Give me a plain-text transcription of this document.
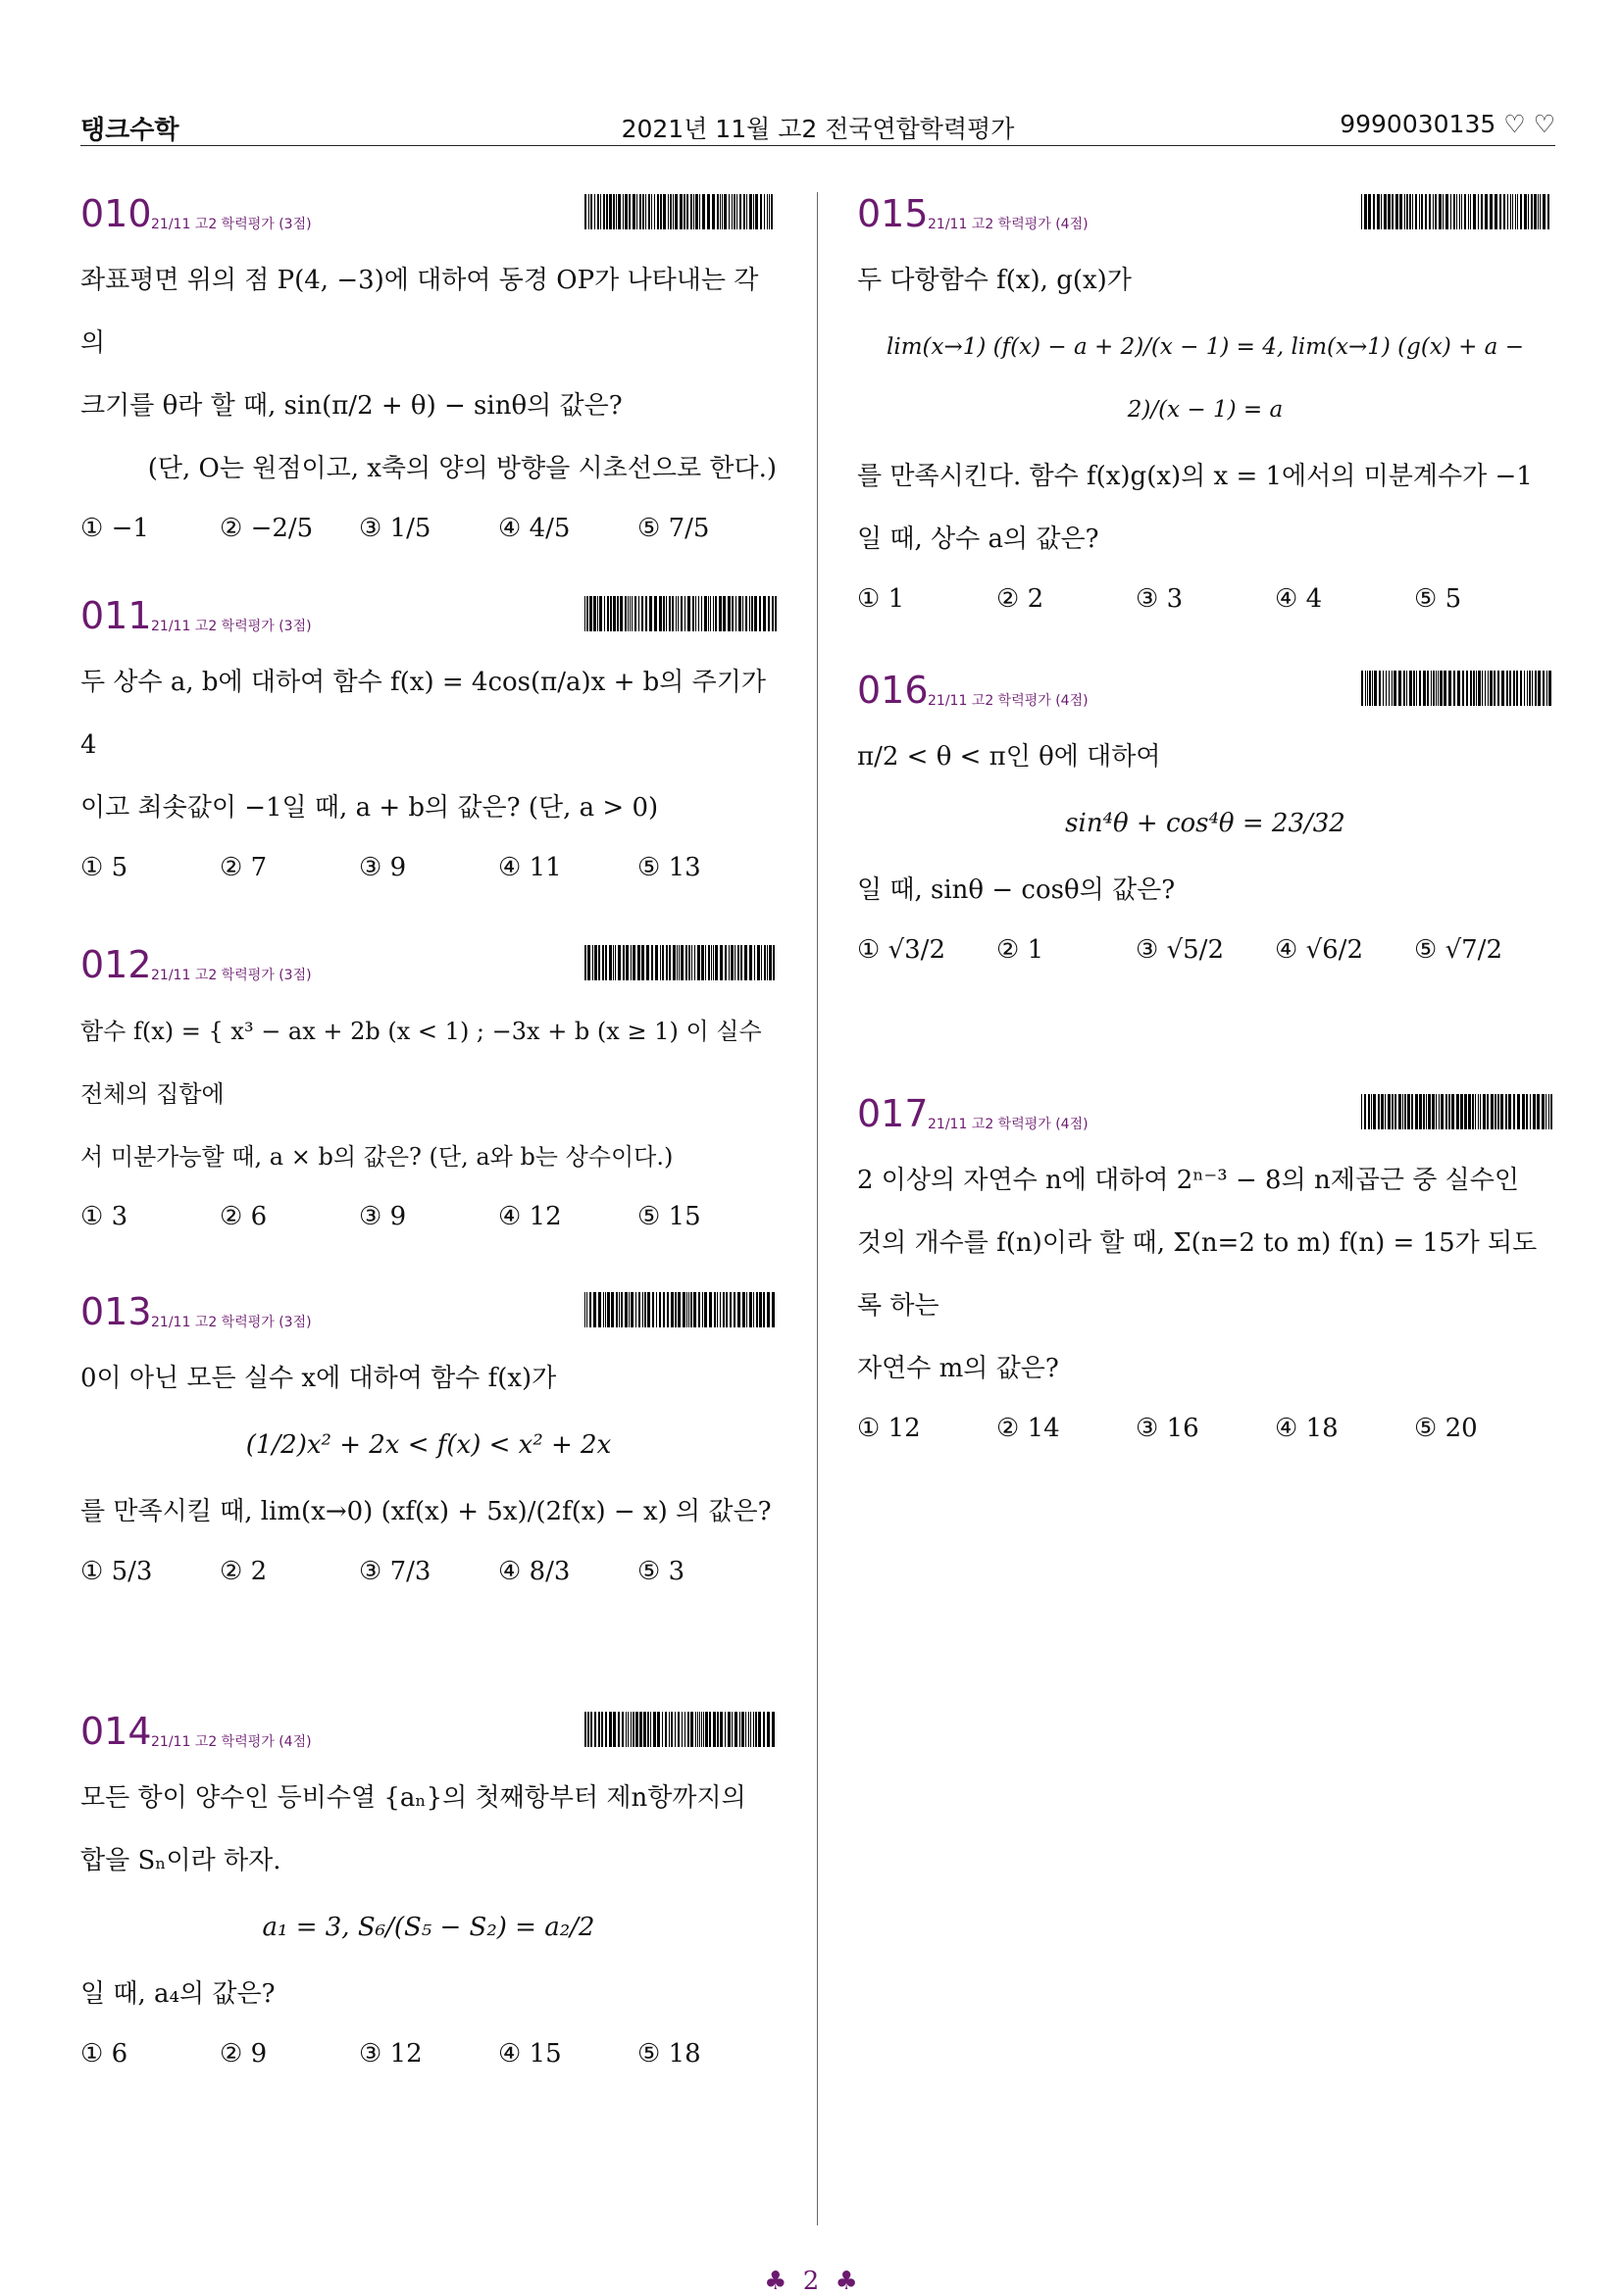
탱크수학	2021년 11월 고2 전국연합학력평가	9990030135 ♡ ♡
010 21/11 고2 학력평가 (3점)
좌표평면 위의 점 P(4, −3)에 대하여 동경 OP가 나타내는 각의
크기를 θ라 할 때, sin(π/2 + θ) − sinθ의 값은?
(단, O는 원점이고, x축의 양의 방향을 시초선으로 한다.)
① −1	② −2/5	③ 1/5	④ 4/5	⑤ 7/5
011 21/11 고2 학력평가 (3점)
두 상수 a, b에 대하여 함수 f(x) = 4cos(π/a)x + b의 주기가 4
이고 최솟값이 −1일 때, a + b의 값은? (단, a > 0)
① 5	② 7	③ 9	④ 11	⑤ 13
012 21/11 고2 학력평가 (3점)
함수 f(x) = { x³ − ax + 2b (x < 1) ; −3x + b (x ≥ 1) 이 실수 전체의 집합에
서 미분가능할 때, a × b의 값은? (단, a와 b는 상수이다.)
① 3	② 6	③ 9	④ 12	⑤ 15
013 21/11 고2 학력평가 (3점)
0이 아닌 모든 실수 x에 대하여 함수 f(x)가
(1/2)x² + 2x < f(x) < x² + 2x
를 만족시킬 때, lim(x→0) (xf(x) + 5x)/(2f(x) − x) 의 값은?
① 5/3	② 2	③ 7/3	④ 8/3	⑤ 3
014 21/11 고2 학력평가 (4점)
모든 항이 양수인 등비수열 {aₙ}의 첫째항부터 제n항까지의
합을 Sₙ이라 하자.
a₁ = 3, S₆/(S₅ − S₂) = a₂/2
일 때, a₄의 값은?
① 6	② 9	③ 12	④ 15	⑤ 18
015 21/11 고2 학력평가 (4점)
두 다항함수 f(x), g(x)가
lim(x→1) (f(x) − a + 2)/(x − 1) = 4, lim(x→1) (g(x) + a − 2)/(x − 1) = a
를 만족시킨다. 함수 f(x)g(x)의 x = 1에서의 미분계수가 −1
일 때, 상수 a의 값은?
① 1	② 2	③ 3	④ 4	⑤ 5
016 21/11 고2 학력평가 (4점)
π/2 < θ < π인 θ에 대하여
sin⁴θ + cos⁴θ = 23/32
일 때, sinθ − cosθ의 값은?
① √3/2	② 1	③ √5/2	④ √6/2	⑤ √7/2
017 21/11 고2 학력평가 (4점)
2 이상의 자연수 n에 대하여 2ⁿ⁻³ − 8의 n제곱근 중 실수인
것의 개수를 f(n)이라 할 때, Σ(n=2 to m) f(n) = 15가 되도록 하는
자연수 m의 값은?
① 12	② 14	③ 16	④ 18	⑤ 20
♣ 2 ♣
